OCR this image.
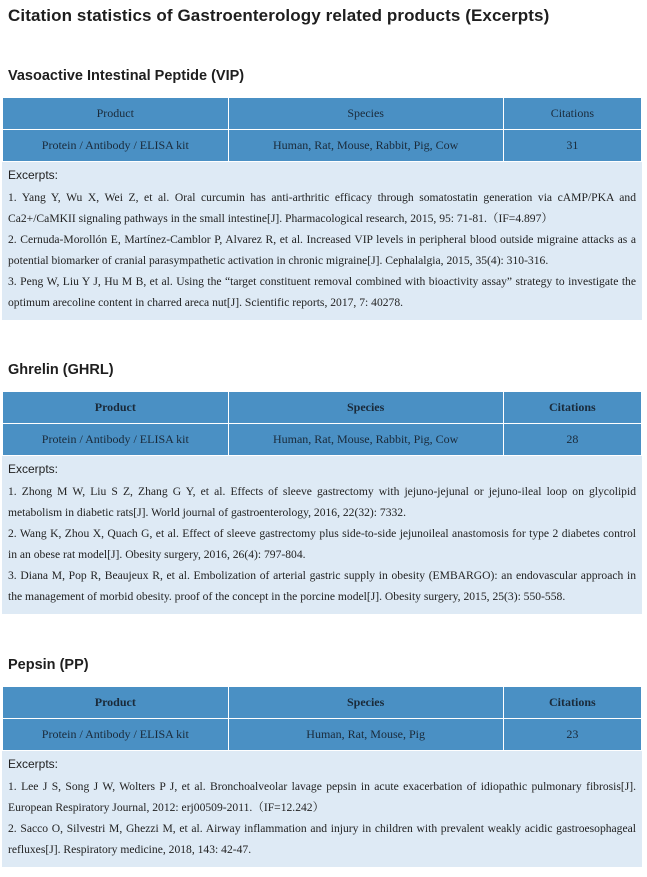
Citation statistics of Gastroenterology related products (Excerpts)
Vasoactive Intestinal Peptide (VIP)
Product	Species	Citations
Protein / Antibody / ELISA kit	Human, Rat, Mouse, Rabbit, Pig, Cow	31
Excerpts:

1. Yang Y, Wu X, Wei Z, et al. Oral curcumin has anti-arthritic efficacy through somatostatin generation via cAMP/PKA and Ca2+/CaMKII signaling pathways in the small intestine[J]. Pharmacological research, 2015, 95: 71-81.（IF=4.897）

2. Cernuda-Morollón E, Martínez-Camblor P, Alvarez R, et al. Increased VIP levels in peripheral blood outside migraine attacks as a potential biomarker of cranial parasympathetic activation in chronic migraine[J]. Cephalalgia, 2015, 35(4): 310-316.

3. Peng W, Liu Y J, Hu M B, et al. Using the “target constituent removal combined with bioactivity assay” strategy to investigate the optimum arecoline content in charred areca nut[J]. Scientific reports, 2017, 7: 40278.

Ghrelin (GHRL)
Product	Species	Citations
Protein / Antibody / ELISA kit	Human, Rat, Mouse, Rabbit, Pig, Cow	28
Excerpts:

1. Zhong M W, Liu S Z, Zhang G Y, et al. Effects of sleeve gastrectomy with jejuno-jejunal or jejuno-ileal loop on glycolipid metabolism in diabetic rats[J]. World journal of gastroenterology, 2016, 22(32): 7332.

2. Wang K, Zhou X, Quach G, et al. Effect of sleeve gastrectomy plus side-to-side jejunoileal anastomosis for type 2 diabetes control in an obese rat model[J]. Obesity surgery, 2016, 26(4): 797-804.

3. Diana M, Pop R, Beaujeux R, et al. Embolization of arterial gastric supply in obesity (EMBARGO): an endovascular approach in the management of morbid obesity. proof of the concept in the porcine model[J]. Obesity surgery, 2015, 25(3): 550-558.

Pepsin (PP)
Product	Species	Citations
Protein / Antibody / ELISA kit	Human, Rat, Mouse, Pig	23
Excerpts:

1. Lee J S, Song J W, Wolters P J, et al. Bronchoalveolar lavage pepsin in acute exacerbation of idiopathic pulmonary fibrosis[J]. European Respiratory Journal, 2012: erj00509-2011.（IF=12.242）

2. Sacco O, Silvestri M, Ghezzi M, et al. Airway inflammation and injury in children with prevalent weakly acidic gastroesophageal refluxes[J]. Respiratory medicine, 2018, 143: 42-47.
